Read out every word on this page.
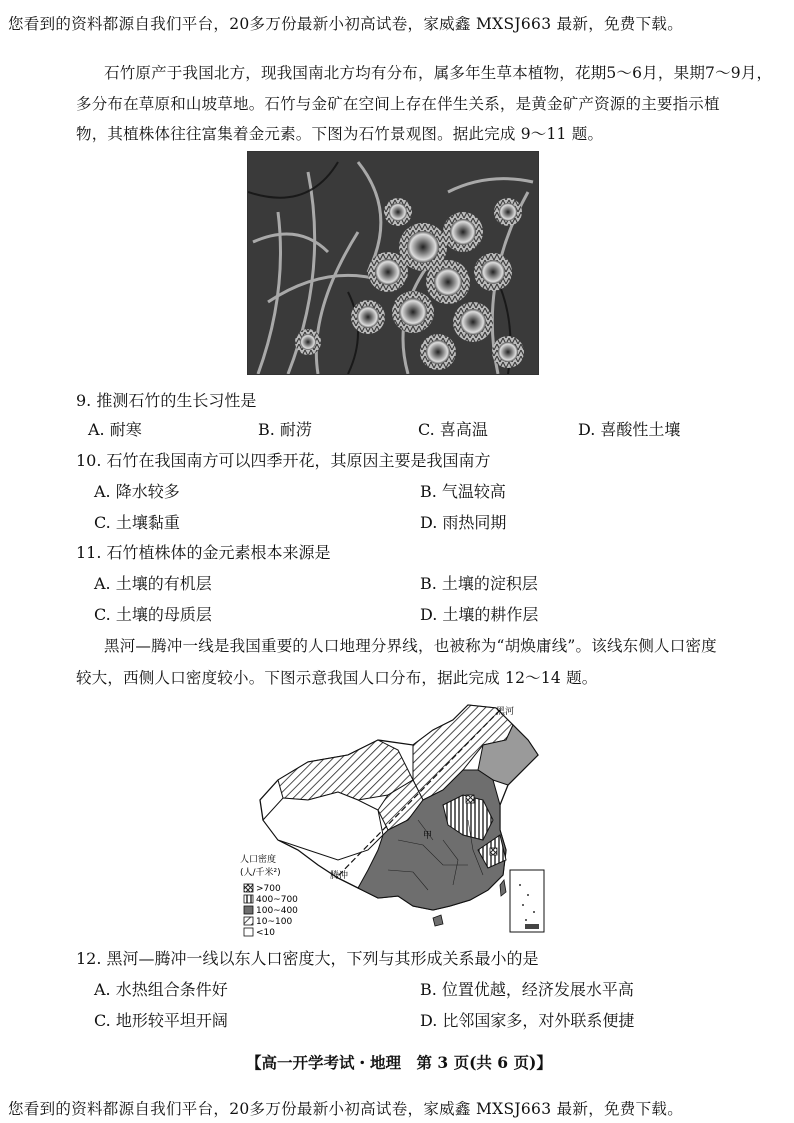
您看到的资料都源自我们平台，20多万份最新小初高试卷，家威鑫 MXSJ663 最新，免费下载。
石竹原产于我国北方，现我国南北方均有分布，属多年生草本植物，花期5～6月，果期7～9月，
多分布在草原和山坡草地。石竹与金矿在空间上存在伴生关系，是黄金矿产资源的主要指示植
物，其植株体往往富集着金元素。下图为石竹景观图。据此完成 9～11 题。
9. 推测石竹的生长习性是
A. 耐寒	B. 耐涝	C. 喜高温	D. 喜酸性土壤
10. 石竹在我国南方可以四季开花，其原因主要是我国南方
A. 降水较多	B. 气温较高
C. 土壤黏重	D. 雨热同期
11. 石竹植株体的金元素根本来源是
A. 土壤的有机层	B. 土壤的淀积层
C. 土壤的母质层	D. 土壤的耕作层
黑河—腾冲一线是我国重要的人口地理分界线，也被称为“胡焕庸线”。该线东侧人口密度
较大，西侧人口密度较小。下图示意我国人口分布，据此完成 12～14 题。
黑河
腾冲
甲
人口密度
(人/千米²)
>700
400~700
100~400
10~100
<10
12. 黑河—腾冲一线以东人口密度大，下列与其形成关系最小的是
A. 水热组合条件好	B. 位置优越，经济发展水平高
C. 地形较平坦开阔	D. 比邻国家多，对外联系便捷
【高一开学考试・地理　第 3 页(共 6 页)】
您看到的资料都源自我们平台，20多万份最新小初高试卷，家威鑫 MXSJ663 最新，免费下载。
